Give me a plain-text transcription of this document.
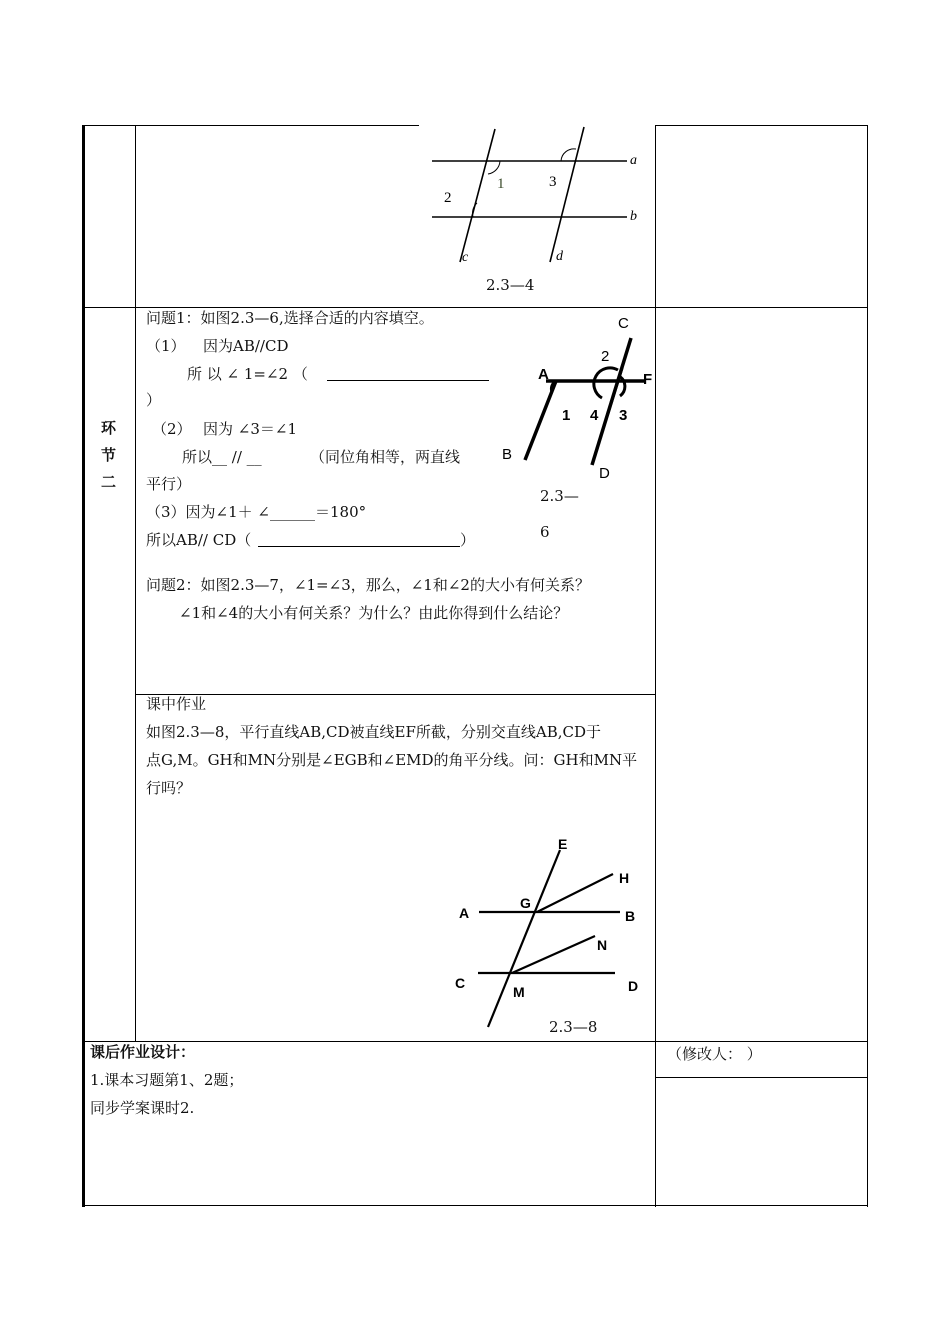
a
b
c	d
1
2
3
2.3—4
环
节
二
问题1：如图2.3—6,选择合适的内容填空。
（1） 因为AB//CD
所 以 ∠ 1=∠2 （
）
（2） 因为 ∠3＝∠1
所以__ // __	（同位角相等，两直线
平行）
（3）因为∠1＋ ∠______＝180°
所以AB// CD（	）
A	F
C
B
D
2
1 4 3
2.3—
6
问题2：如图2.3—7，∠1=∠3，那么，∠1和∠2的大小有何关系？
∠1和∠4的大小有何关系？为什么？由此你得到什么结论？
课中作业
如图2.3—8，平行直线AB,CD被直线EF所截，分别交直线AB,CD于
点G,M。GH和MN分别是∠EGB和∠EMD的角平分线。问：GH和MN平
行吗？
E
H
A
G
B
N
C
M	D
2.3—8
课后作业设计：
1.课本习题第1、2题；
同步学案课时2.
（修改人： ）
